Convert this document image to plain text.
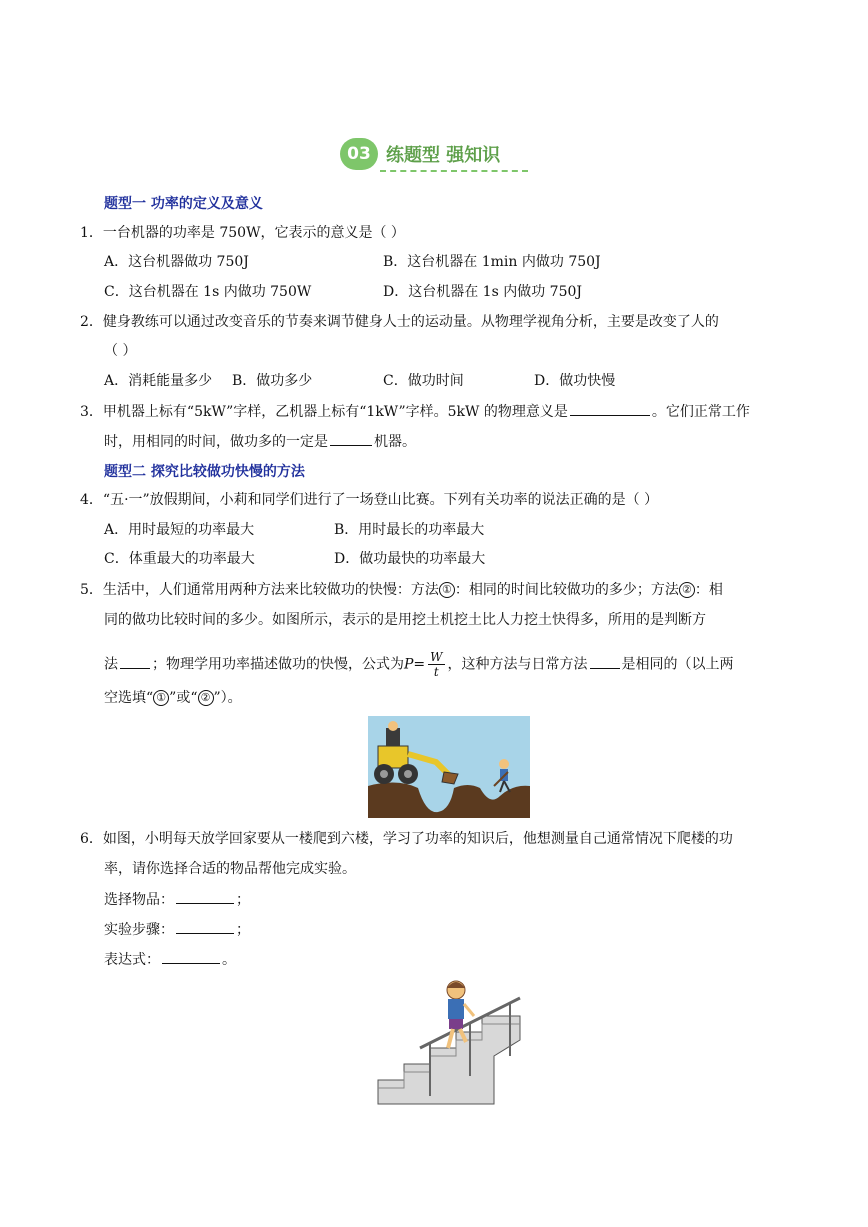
03 练题型 强知识
题型一 功率的定义及意义
1．一台机器的功率是 750W，它表示的意义是（ ）
A．这台机器做功 750J	B．这台机器在 1min 内做功 750J
C．这台机器在 1s 内做功 750W	D．这台机器在 1s 内做功 750J
2．健身教练可以通过改变音乐的节奏来调节健身人士的运动量。从物理学视角分析，主要是改变了人的
（ ）
A．消耗能量多少 B．做功多少	C．做功时间	D．做功快慢
3．甲机器上标有“5kW”字样，乙机器上标有“1kW”字样。5kW 的物理意义是	。它们正常工作
时，用相同的时间，做功多的一定是	机器。
题型二 探究比较做功快慢的方法
4．“五·一”放假期间，小莉和同学们进行了一场登山比赛。下列有关功率的说法正确的是（ ）
A．用时最短的功率最大	B．用时最长的功率最大
C．体重最大的功率最大	D．做功最快的功率最大
5．生活中，人们通常用两种方法来比较做功的快慢：方法 ① ：相同的时间比较做功的多少；方法 ② ：相
同的做功比较时间的多少。如图所示，表示的是用挖土机挖土比人力挖土快得多，所用的是判断方
法 ；物理学用功率描述做功的快慢，公式为$P= \frac{W}{t}$ ，这种方法与日常方法 是相同的（以上两
空选填“ ① ”或“ ② ”）。
6．如图，小明每天放学回家要从一楼爬到六楼，学习了功率的知识后，他想测量自己通常情况下爬楼的功
率，请你选择合适的物品帮他完成实验。
选择物品：	；
实验步骤：	；
表达式：	。
